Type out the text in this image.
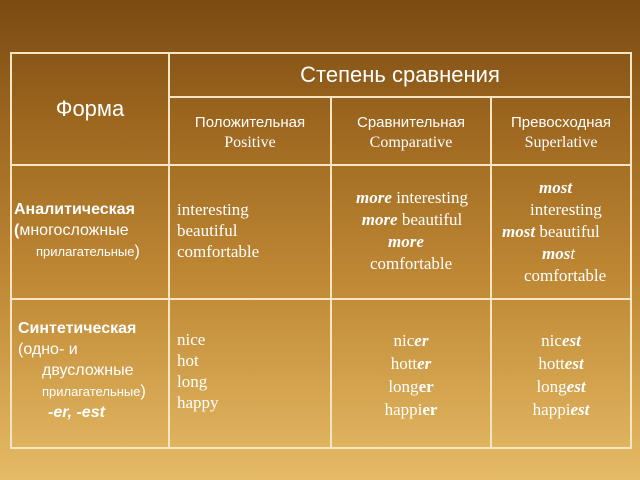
Форма
Степень сравнения
Положительная
Positive
Сравнительная
Comparative
Превосходная
Superlative
Аналитическая
(многосложные
прилагательные)
interesting
beautiful
comfortable
more interesting
more beautiful
more
comfortable
most
interesting
most beautiful
most
comfortable
Синтетическая
(одно- и
двусложные
прилагательные)
-er, -est
nice
hot
long
happy
nicer
hotter
longer
happier
nicest
hottest
longest
happiest
